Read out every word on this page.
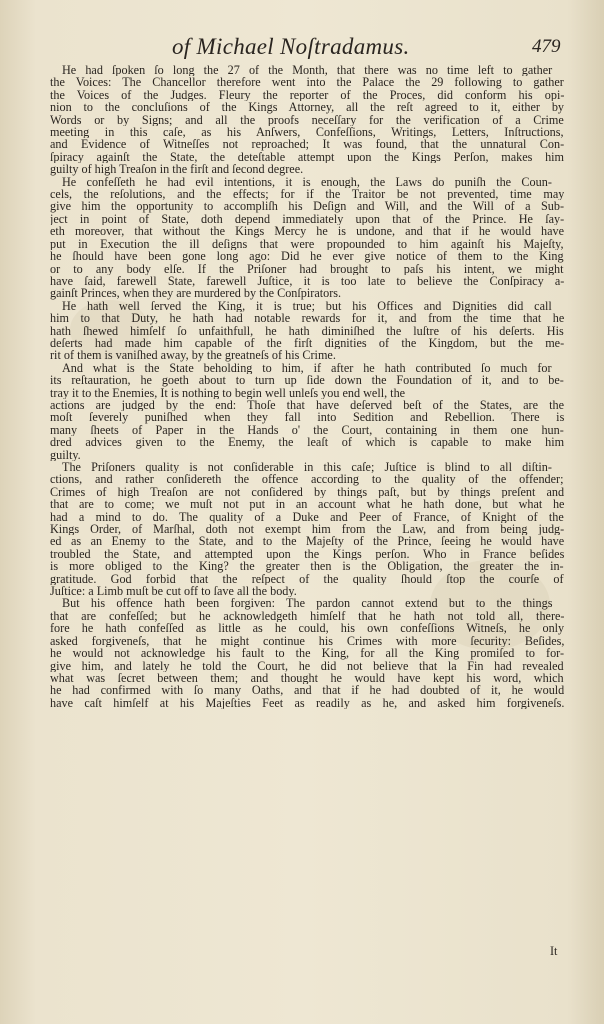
of Michael Noſtradamus.	479
He had ſpoken ſo long the 27 of the Month, that there was no time left to gather
the Voices: The Chancellor therefore went into the Palace the 29 following to gather
the Voices of the Judges. Fleury the reporter of the Proces, did conform his opi-
nion to the concluſions of the Kings Attorney, all the reſt agreed to it, either by
Words or by Signs; and all the proofs neceſſary for the verification of a Crime
meeting in this caſe, as his Anſwers, Confeſſions, Writings, Letters, Inſtructions,
and Evidence of Witneſſes not reproached; It was found, that the unnatural Con-
ſpiracy againſt the State, the deteſtable attempt upon the Kings Perſon, makes him
guilty of high Treaſon in the firſt and ſecond degree.
He confeſſeth he had evil intentions, it is enough, the Laws do puniſh the Coun-
cels, the reſolutions, and the effects; for if the Traitor be not prevented, time may
give him the opportunity to accompliſh his Deſign and Will, and the Will of a Sub-
ject in point of State, doth depend immediately upon that of the Prince. He ſay-
eth moreover, that without the Kings Mercy he is undone, and that if he would have
put in Execution the ill deſigns that were propounded to him againſt his Majeſty,
he ſhould have been gone long ago: Did he ever give notice of them to the King
or to any body elſe. If the Priſoner had brought to paſs his intent, we might
have ſaid, farewell State, farewell Juſtice, it is too late to believe the Conſpiracy a-
gainſt Princes, when they are murdered by the Conſpirators.
He hath well ſerved the King, it is true; but his Offices and Dignities did call
him to that Duty, he hath had notable rewards for it, and from the time that he
hath ſhewed himſelf ſo unfaithfull, he hath diminiſhed the luſtre of his deſerts. His
deſerts had made him capable of the firſt dignities of the Kingdom, but the me-
rit of them is vaniſhed away, by the greatneſs of his Crime.
And what is the State beholding to him, if after he hath contributed ſo much for
its reſtauration, he goeth about to turn up ſide down the Foundation of it, and to be-
tray it to the Enemies, It is nothing to begin well unleſs you end well, the
actions are judged by the end: Thoſe that have deſerved beſt of the States, are the
moſt ſeverely puniſhed when they fall into Sedition and Rebellion. There is
many ſheets of Paper in the Hands o' the Court, containing in them one hun-
dred advices given to the Enemy, the leaſt of which is capable to make him
guilty.
The Priſoners quality is not conſiderable in this caſe; Juſtice is blind to all diſtin-
ctions, and rather conſidereth the offence according to the quality of the offender;
Crimes of high Treaſon are not conſidered by things paſt, but by things preſent and
that are to come; we muſt not put in an account what he hath done, but what he
had a mind to do. The quality of a Duke and Peer of France, of Knight of the
Kings Order, of Marſhal, doth not exempt him from the Law, and from being judg-
ed as an Enemy to the State, and to the Majeſty of the Prince, ſeeing he would have
troubled the State, and attempted upon the Kings perſon. Who in France beſides
is more obliged to the King? the greater then is the Obligation, the greater the in-
gratitude. God forbid that the reſpect of the quality ſhould ſtop the courſe of
Juſtice: a Limb muſt be cut off to ſave all the body.
But his offence hath been forgiven: The pardon cannot extend but to the things
that are confeſſed; but he acknowledgeth himſelf that he hath not told all, there-
fore he hath confeſſed as little as he could, his own confeſſions Witneſs, he only
asked forgiveneſs, that he might continue his Crimes with more ſecurity: Beſides,
he would not acknowledge his fault to the King, for all the King promiſed to for-
give him, and lately he told the Court, he did not believe that la Fin had revealed
what was ſecret between them; and thought he would have kept his word, which
he had confirmed with ſo many Oaths, and that if he had doubted of it, he would
have caſt himſelf at his Majeſties Feet as readily as he, and asked him forgiveneſs.
It
